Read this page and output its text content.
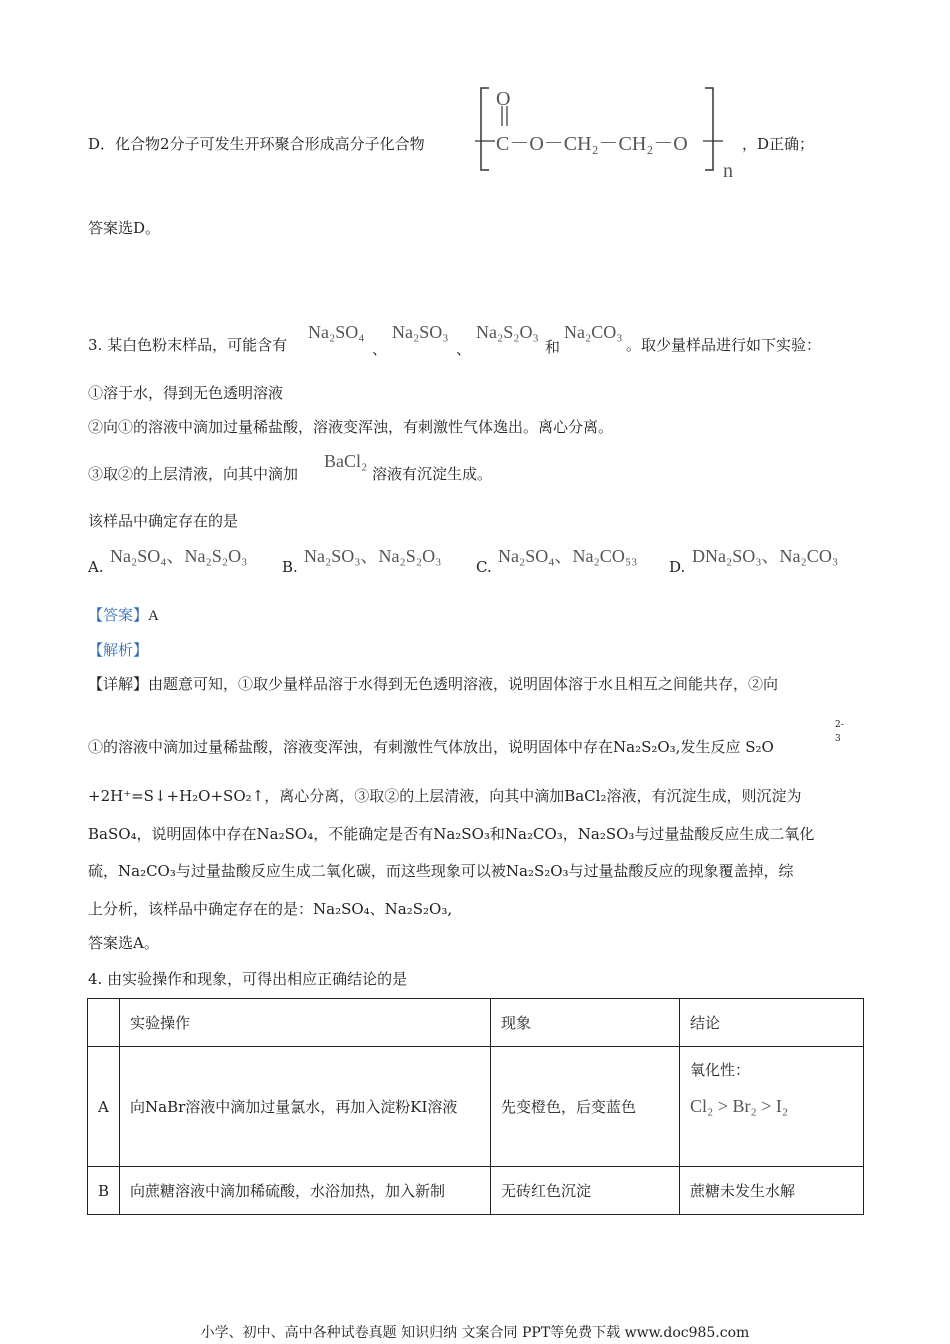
D．化合物2分子可发生开环聚合形成高分子化合物
O
C－O－CH₂－CH₂－O
n
，D正确；
答案选D。
3. 某白色粉末样品，可能含有
Na₂SO₄
、
Na₂SO₃
、
Na₂S₂O₃
和
Na₂CO₃
。取少量样品进行如下实验：
①溶于水，得到无色透明溶液
②向①的溶液中滴加过量稀盐酸，溶液变浑浊，有刺激性气体逸出。离心分离。
③取②的上层清液，向其中滴加
BaCl₂
溶液有沉淀生成。
该样品中确定存在的是
A.
Na₂SO₄、Na₂S₂O₃
B.
Na₂SO₃、Na₂S₂O₃
C.
Na₂SO₄、Na₂CO₅₃
D.
DNa₂SO₃、Na₂CO₃
【答案】A
【解析】
【详解】由题意可知，①取少量样品溶于水得到无色透明溶液，说明固体溶于水且相互之间能共存，②向
①的溶液中滴加过量稀盐酸，溶液变浑浊，有刺激性气体放出，说明固体中存在Na₂S₂O₃,发生反应 S₂O
2-
3
+2H⁺=S↓+H₂O+SO₂↑，离心分离，③取②的上层清液，向其中滴加BaCl₂溶液，有沉淀生成，则沉淀为
BaSO₄，说明固体中存在Na₂SO₄，不能确定是否有Na₂SO₃和Na₂CO₃，Na₂SO₃与过量盐酸反应生成二氧化
硫，Na₂CO₃与过量盐酸反应生成二氧化碳，而这些现象可以被Na₂S₂O₃与过量盐酸反应的现象覆盖掉，综
上分析，该样品中确定存在的是：Na₂SO₄、Na₂S₂O₃,
答案选A。
4. 由实验操作和现象，可得出相应正确结论的是
	实验操作	现象	结论
A	向NaBr溶液中滴加过量氯水，再加入淀粉KI溶液	先变橙色，后变蓝色	氧化性：
Cl₂ > Br₂ > I₂

B	向蔗糖溶液中滴加稀硫酸，水浴加热，加入新制	无砖红色沉淀	蔗糖未发生水解
小学、初中、高中各种试卷真题 知识归纳 文案合同 PPT等免费下载 www.doc985.com
